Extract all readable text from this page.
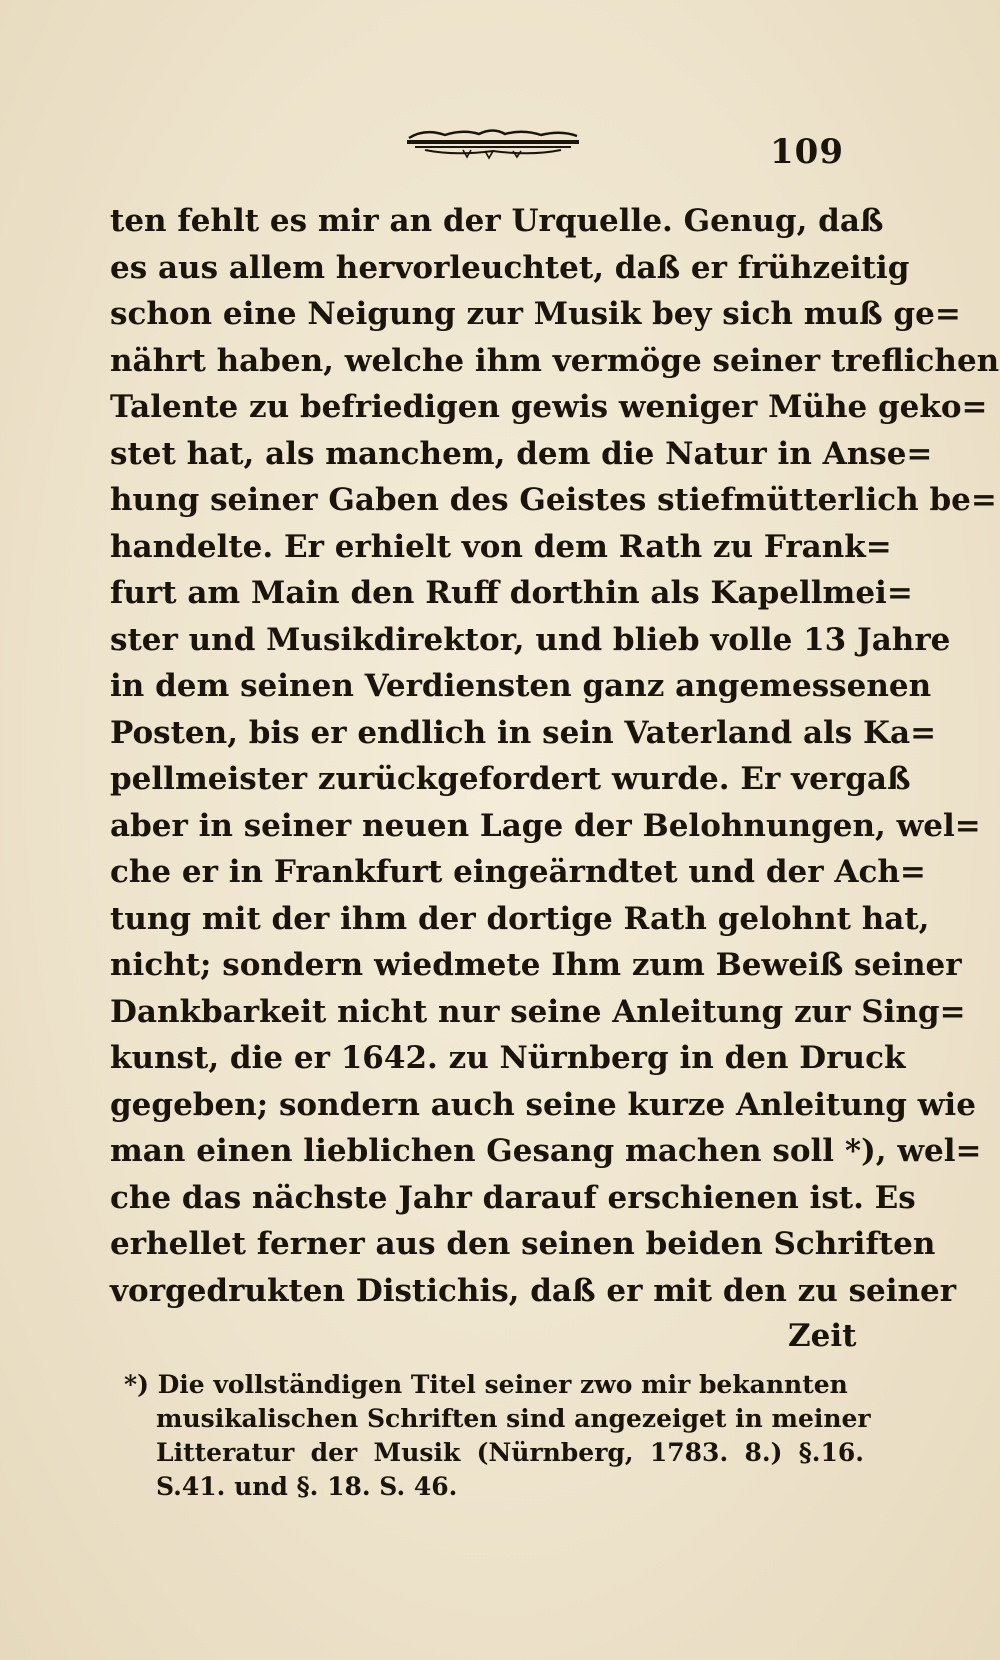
109
ten fehlt es mir an der Urquelle. Genug, daß
es aus allem hervorleuchtet, daß er frühzeitig
schon eine Neigung zur Musik bey sich muß ge=
nährt haben, welche ihm vermöge seiner treflichen
Talente zu befriedigen gewis weniger Mühe geko=
stet hat, als manchem, dem die Natur in Anse=
hung seiner Gaben des Geistes stiefmütterlich be=
handelte. Er erhielt von dem Rath zu Frank=
furt am Main den Ruff dorthin als Kapellmei=
ster und Musikdirektor, und blieb volle 13 Jahre
in dem seinen Verdiensten ganz angemessenen
Posten, bis er endlich in sein Vaterland als Ka=
pellmeister zurückgefordert wurde. Er vergaß
aber in seiner neuen Lage der Belohnungen, wel=
che er in Frankfurt eingeärndtet und der Ach=
tung mit der ihm der dortige Rath gelohnt hat,
nicht; sondern wiedmete Ihm zum Beweiß seiner
Dankbarkeit nicht nur seine Anleitung zur Sing=
kunst, die er 1642. zu Nürnberg in den Druck
gegeben; sondern auch seine kurze Anleitung wie
man einen lieblichen Gesang machen soll *), wel=
che das nächste Jahr darauf erschienen ist. Es
erhellet ferner aus den seinen beiden Schriften
vorgedrukten Distichis, daß er mit den zu seiner
Zeit
*) Die vollständigen Titel seiner zwo mir bekannten
musikalischen Schriften sind angezeiget in meiner
Litteratur der Musik (Nürnberg, 1783. 8.) §.16.
S.41. und §. 18. S. 46.
